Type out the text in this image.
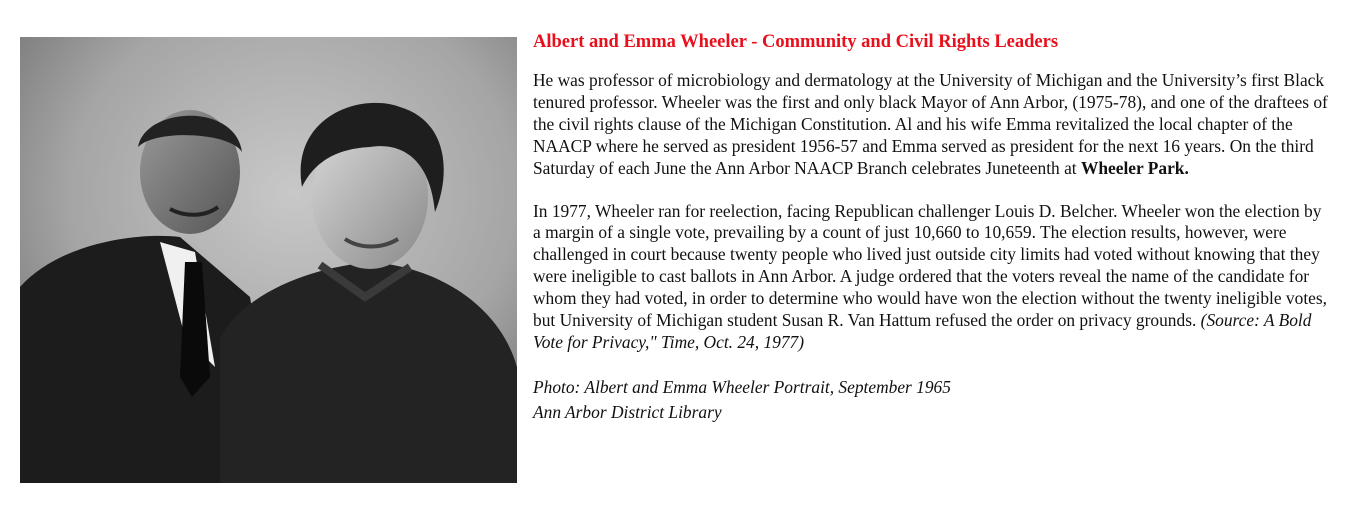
Albert and Emma Wheeler - Community and Civil Rights Leaders

He was professor of microbiology and dermatology at the University of Michigan and the University’s first Black tenured professor. Wheeler was the first and only black Mayor of Ann Arbor, (1975-78), and one of the draftees of the civil rights clause of the Michigan Constitution. Al and his wife Emma revitalized the local chapter of the NAACP where he served as president 1956-57 and Emma served as president for the next 16 years. On the third Saturday of each June the Ann Arbor NAACP Branch celebrates Juneteenth at Wheeler Park.

In 1977, Wheeler ran for reelection, facing Republican challenger Louis D. Belcher. Wheeler won the election by a margin of a single vote, prevailing by a count of just 10,660 to 10,659. The election results, however, were challenged in court because twenty people who lived just outside city limits had voted without knowing that they were ineligible to cast ballots in Ann Arbor. A judge ordered that the voters reveal the name of the candidate for whom they had voted, in order to determine who would have won the election without the twenty ineligible votes, but University of Michigan student Susan R. Van Hattum refused the order on privacy grounds. (Source: A Bold Vote for Privacy," Time, Oct. 24, 1977)

Photo: Albert and Emma Wheeler Portrait, September 1965
Ann Arbor District Library
